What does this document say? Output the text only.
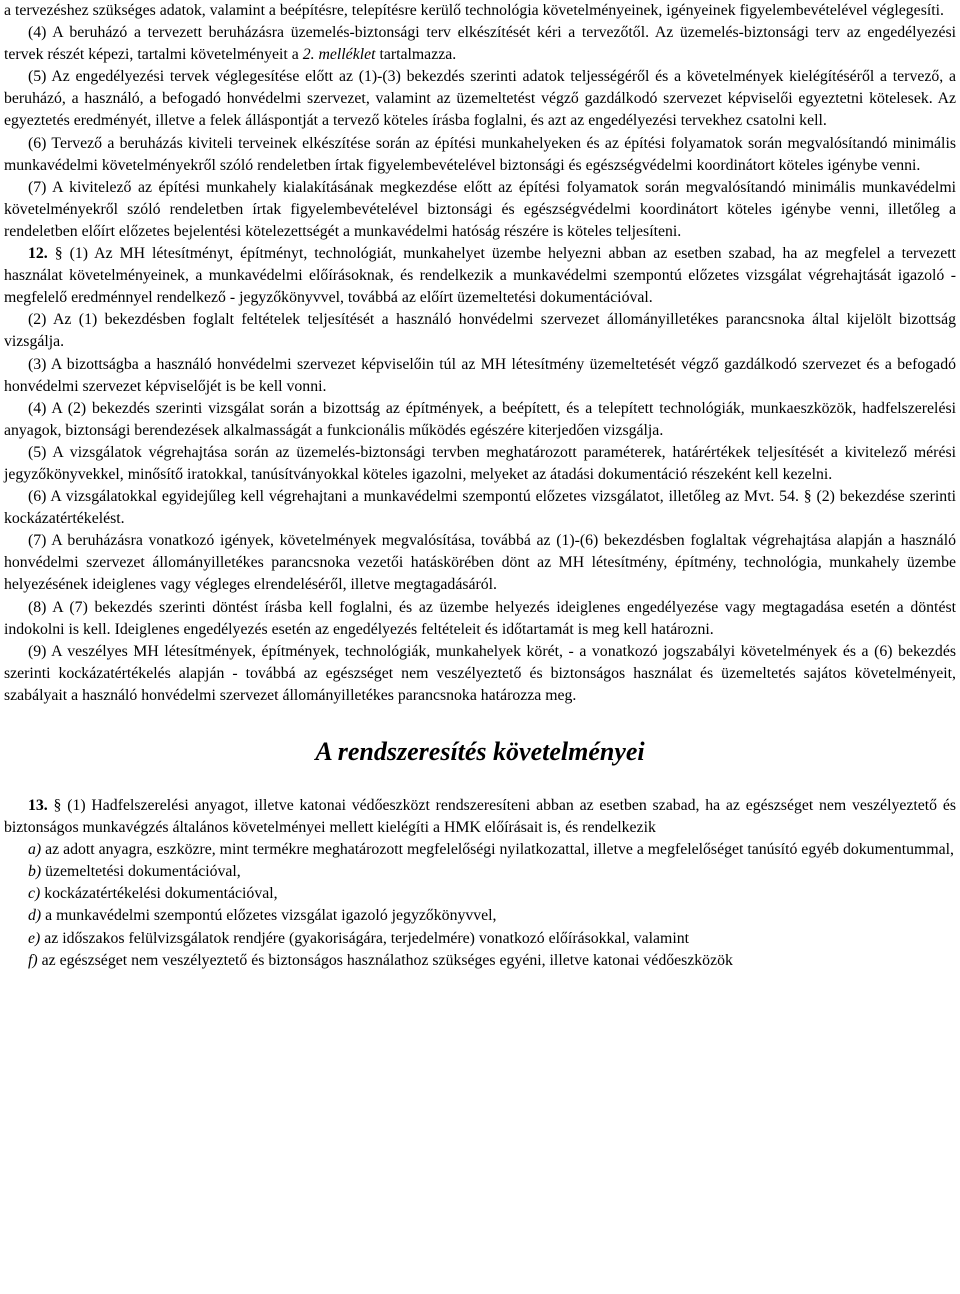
a tervezéshez szükséges adatok, valamint a beépítésre, telepítésre kerülő technológia követelményeinek, igényeinek figyelembevételével véglegesíti.

(4) A beruházó a tervezett beruházásra üzemelés-biztonsági terv elkészítését kéri a tervezőtől. Az üzemelés-biztonsági terv az engedélyezési tervek részét képezi, tartalmi követelményeit a 2. melléklet tartalmazza.

(5) Az engedélyezési tervek véglegesítése előtt az (1)-(3) bekezdés szerinti adatok teljességéről és a követelmények kielégítéséről a tervező, a beruházó, a használó, a befogadó honvédelmi szervezet, valamint az üzemeltetést végző gazdálkodó szervezet képviselői egyeztetni kötelesek. Az egyeztetés eredményét, illetve a felek álláspontját a tervező köteles írásba foglalni, és azt az engedélyezési tervekhez csatolni kell.

(6) Tervező a beruházás kiviteli terveinek elkészítése során az építési munkahelyeken és az építési folyamatok során megvalósítandó minimális munkavédelmi követelményekről szóló rendeletben írtak figyelembevételével biztonsági és egészségvédelmi koordinátort köteles igénybe venni.

(7) A kivitelező az építési munkahely kialakításának megkezdése előtt az építési folyamatok során megvalósítandó minimális munkavédelmi követelményekről szóló rendeletben írtak figyelembevételével biztonsági és egészségvédelmi koordinátort köteles igénybe venni, illetőleg a rendeletben előírt előzetes bejelentési kötelezettségét a munkavédelmi hatóság részére is köteles teljesíteni.

12. § (1) Az MH létesítményt, építményt, technológiát, munkahelyet üzembe helyezni abban az esetben szabad, ha az megfelel a tervezett használat követelményeinek, a munkavédelmi előírásoknak, és rendelkezik a munkavédelmi szempontú előzetes vizsgálat végrehajtását igazoló - megfelelő eredménnyel rendelkező - jegyzőkönyvvel, továbbá az előírt üzemeltetési dokumentációval.

(2) Az (1) bekezdésben foglalt feltételek teljesítését a használó honvédelmi szervezet állományilletékes parancsnoka által kijelölt bizottság vizsgálja.

(3) A bizottságba a használó honvédelmi szervezet képviselőin túl az MH létesítmény üzemeltetését végző gazdálkodó szervezet és a befogadó honvédelmi szervezet képviselőjét is be kell vonni.

(4) A (2) bekezdés szerinti vizsgálat során a bizottság az építmények, a beépített, és a telepített technológiák, munkaeszközök, hadfelszerelési anyagok, biztonsági berendezések alkalmasságát a funkcionális működés egészére kiterjedően vizsgálja.

(5) A vizsgálatok végrehajtása során az üzemelés-biztonsági tervben meghatározott paraméterek, határértékek teljesítését a kivitelező mérési jegyzőkönyvekkel, minősítő iratokkal, tanúsítványokkal köteles igazolni, melyeket az átadási dokumentáció részeként kell kezelni.

(6) A vizsgálatokkal egyidejűleg kell végrehajtani a munkavédelmi szempontú előzetes vizsgálatot, illetőleg az Mvt. 54. § (2) bekezdése szerinti kockázatértékelést.

(7) A beruházásra vonatkozó igények, követelmények megvalósítása, továbbá az (1)-(6) bekezdésben foglaltak végrehajtása alapján a használó honvédelmi szervezet állományilletékes parancsnoka vezetői hatáskörében dönt az MH létesítmény, építmény, technológia, munkahely üzembe helyezésének ideiglenes vagy végleges elrendeléséről, illetve megtagadásáról.

(8) A (7) bekezdés szerinti döntést írásba kell foglalni, és az üzembe helyezés ideiglenes engedélyezése vagy megtagadása esetén a döntést indokolni is kell. Ideiglenes engedélyezés esetén az engedélyezés feltételeit és időtartamát is meg kell határozni.

(9) A veszélyes MH létesítmények, építmények, technológiák, munkahelyek körét, - a vonatkozó jogszabályi követelmények és a (6) bekezdés szerinti kockázatértékelés alapján - továbbá az egészséget nem veszélyeztető és biztonságos használat és üzemeltetés sajátos követelményeit, szabályait a használó honvédelmi szervezet állományilletékes parancsnoka határozza meg.

A rendszeresítés követelményei

13. § (1) Hadfelszerelési anyagot, illetve katonai védőeszközt rendszeresíteni abban az esetben szabad, ha az egészséget nem veszélyeztető és biztonságos munkavégzés általános követelményei mellett kielégíti a HMK előírásait is, és rendelkezik

a) az adott anyagra, eszközre, mint termékre meghatározott megfelelőségi nyilatkozattal, illetve a megfelelőséget tanúsító egyéb dokumentummal,

b) üzemeltetési dokumentációval,

c) kockázatértékelési dokumentációval,

d) a munkavédelmi szempontú előzetes vizsgálat igazoló jegyzőkönyvvel,

e) az időszakos felülvizsgálatok rendjére (gyakoriságára, terjedelmére) vonatkozó előírásokkal, valamint

f) az egészséget nem veszélyeztető és biztonságos használathoz szükséges egyéni, illetve katonai védőeszközök
